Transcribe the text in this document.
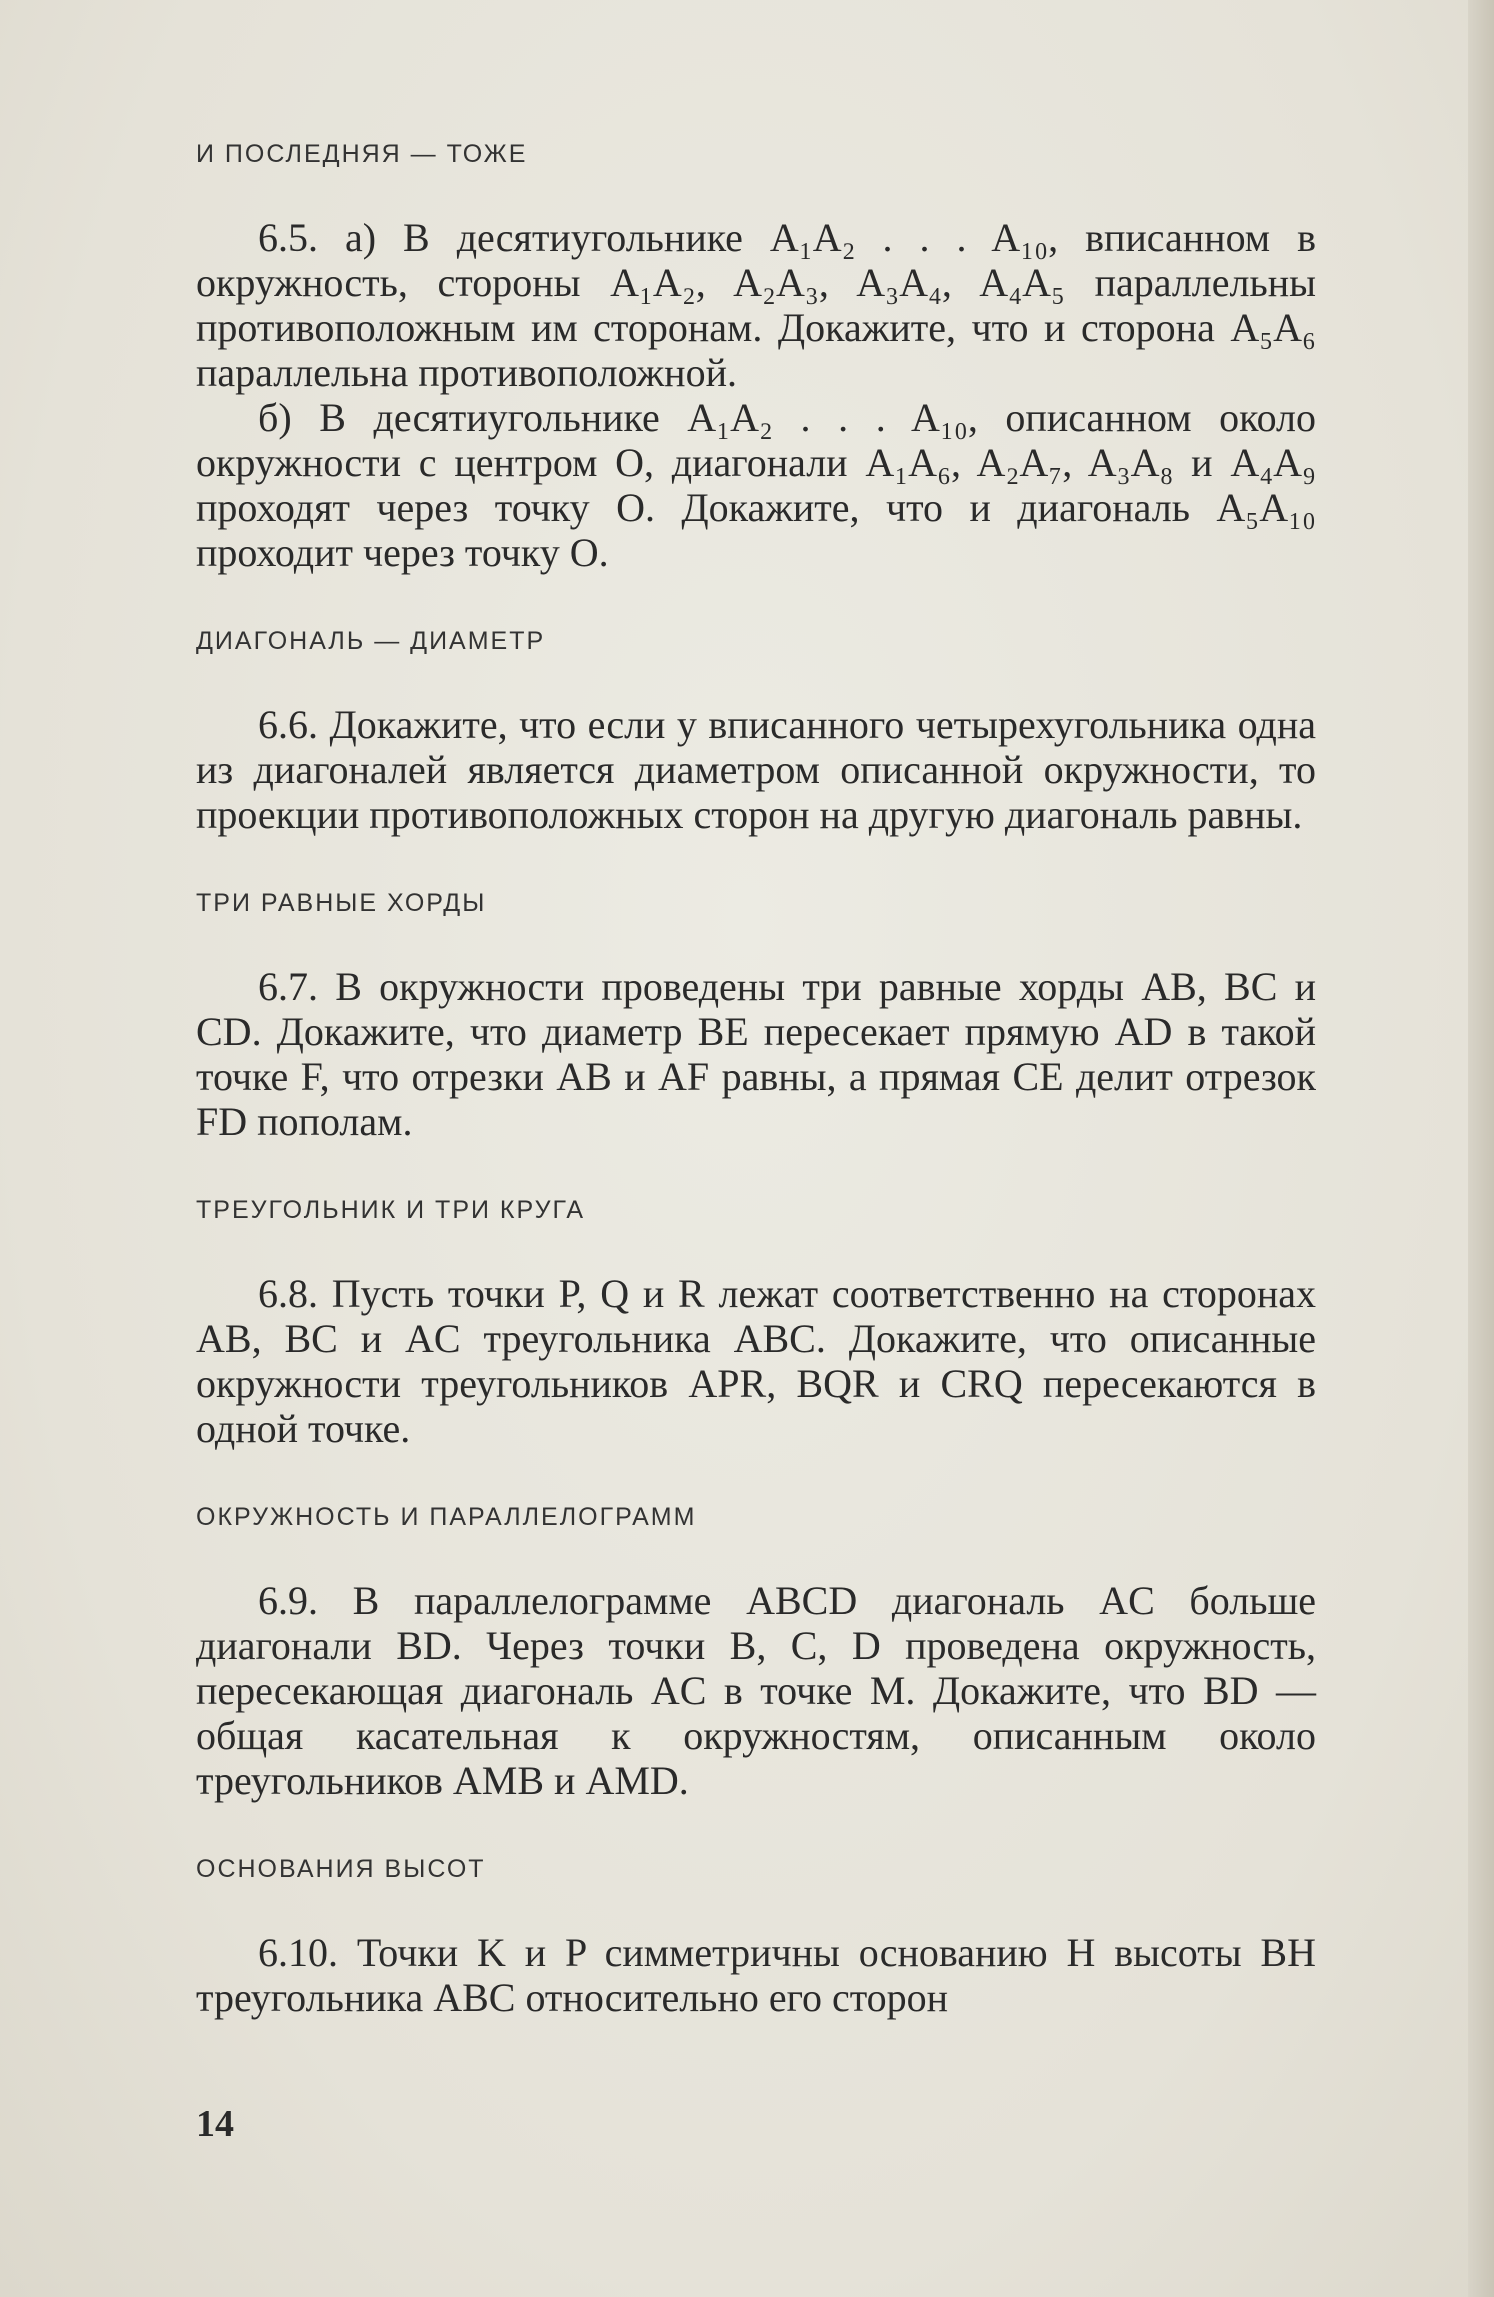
И ПОСЛЕДНЯЯ — ТОЖЕ

6.5. а) В десятиугольнике A₁A₂ . . . A₁₀, вписанном в окружность, стороны A₁A₂, A₂A₃, A₃A₄, A₄A₅ параллельны противоположным им сторонам. Докажите, что и сторона A₅A₆ параллельна противоположной.

б) В десятиугольнике A₁A₂ . . . A₁₀, описанном около окружности с центром O, диагонали A₁A₆, A₂A₇, A₃A₈ и A₄A₉ проходят через точку O. Докажите, что и диагональ A₅A₁₀ проходит через точку O.

ДИАГОНАЛЬ — ДИАМЕТР

6.6. Докажите, что если у вписанного четырехугольника одна из диагоналей является диаметром описанной окружности, то проекции противоположных сторон на другую диагональ равны.

ТРИ РАВНЫЕ ХОРДЫ

6.7. В окружности проведены три равные хорды AB, BC и CD. Докажите, что диаметр BE пересекает прямую AD в такой точке F, что отрезки AB и AF равны, а прямая CE делит отрезок FD пополам.

ТРЕУГОЛЬНИК И ТРИ КРУГА

6.8. Пусть точки P, Q и R лежат соответственно на сторонах AB, BC и AC треугольника ABC. Докажите, что описанные окружности треугольников APR, BQR и CRQ пересекаются в одной точке.

ОКРУЖНОСТЬ И ПАРАЛЛЕЛОГРАММ

6.9. В параллелограмме ABCD диагональ AC больше диагонали BD. Через точки B, C, D проведена окружность, пересекающая диагональ AC в точке M. Докажите, что BD — общая касательная к окружностям, описанным около треугольников AMB и AMD.

ОСНОВАНИЯ ВЫСОТ

6.10. Точки K и P симметричны основанию H высоты BH треугольника ABC относительно его сторон

14
